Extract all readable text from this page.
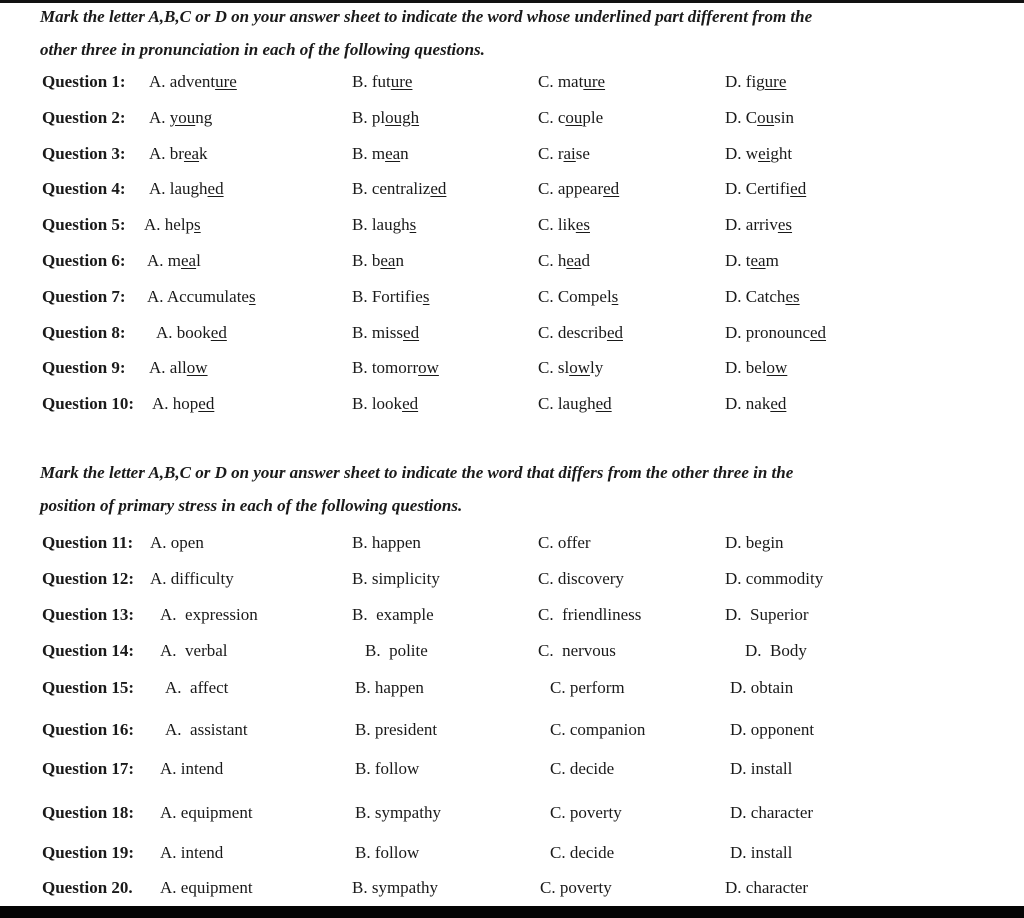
Mark the letter A,B,C or D on your answer sheet to indicate the word whose underlined part different from the
other three in pronunciation in each of the following questions.

Question 1: A. adventure	B. future	C. mature	D. figure
Question 2: A. young	B. plough	C. couple	D. Cousin
Question 3: A. break	B. mean	C. raise	D. weight
Question 4: A. laughed	B. centralized	C. appeared	D. Certified
Question 5: A. helps	B. laughs	C. likes	D. arrives
Question 6: A. meal	B. bean	C. head	D. team
Question 7: A. Accumulates	B. Fortifies	C. Compels	D. Catches
Question 8: A. booked	B. missed	C. described	D. pronounced
Question 9: A. allow	B. tomorrow	C. slowly	D. below
Question 10: A. hoped	B. looked	C. laughed	D. naked

Mark the letter A,B,C or D on your answer sheet to indicate the word that differs from the other three in the
position of primary stress in each of the following questions.

Question 11: A. open	B. happen	C. offer	D. begin
Question 12: A. difficulty	B. simplicity	C. discovery	D. commodity
Question 13: A.  expression	B.  example	C.  friendliness	D.  Superior
Question 14: A.  verbal	B.  polite	C.  nervous	D.  Body
Question 15: A.  affect	B. happen	C. perform	D. obtain
Question 16: A.  assistant	B. president	C. companion	D. opponent
Question 17: A. intend	B. follow	C. decide	D. install
Question 18: A. equipment	B. sympathy	C. poverty	D. character
Question 19: A. intend	B. follow	C. decide	D. install
Question 20. A. equipment	B. sympathy	C. poverty	D. character
